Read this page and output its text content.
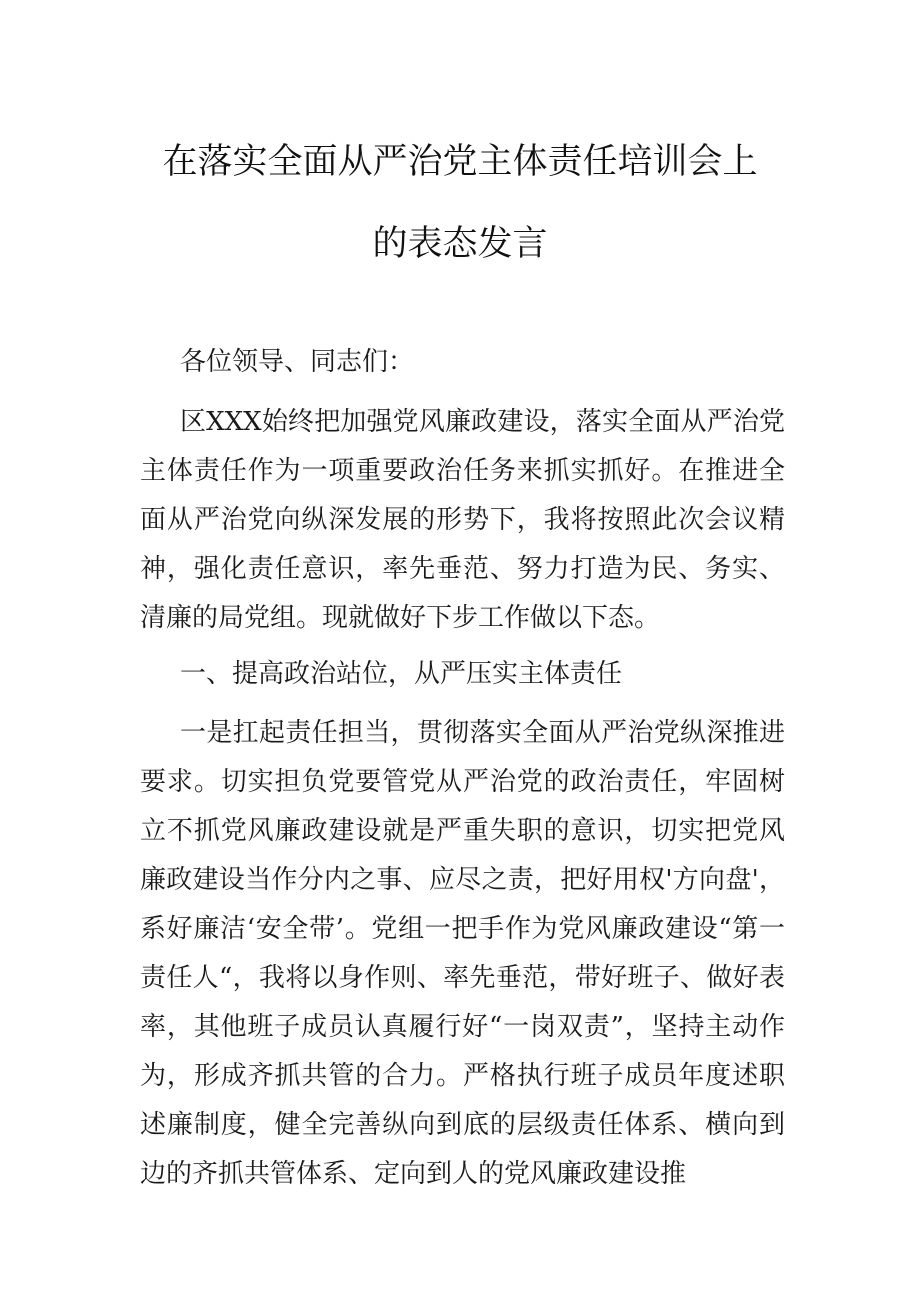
在落实全面从严治党主体责任培训会上
的表态发言

各位领导、同志们：

区XXX始终把加强党风廉政建设，落实全面从严治党主体责任作为一项重要政治任务来抓实抓好。在推进全面从严治党向纵深发展的形势下，我将按照此次会议精神，强化责任意识，率先垂范、努力打造为民、务实、清廉的局党组。现就做好下步工作做以下态。

一、提高政治站位，从严压实主体责任

一是扛起责任担当，贯彻落实全面从严治党纵深推进要求。切实担负党要管党从严治党的政治责任，牢固树立不抓党风廉政建设就是严重失职的意识，切实把党风廉政建设当作分内之事、应尽之责，把好用权'方向盘'，系好廉洁‘安全带’。党组一把手作为党风廉政建设“第一责任人“，我将以身作则、率先垂范，带好班子、做好表率，其他班子成员认真履行好“一岗双责”，坚持主动作为，形成齐抓共管的合力。严格执行班子成员年度述职述廉制度，健全完善纵向到底的层级责任体系、横向到边的齐抓共管体系、定向到人的党风廉政建设推
